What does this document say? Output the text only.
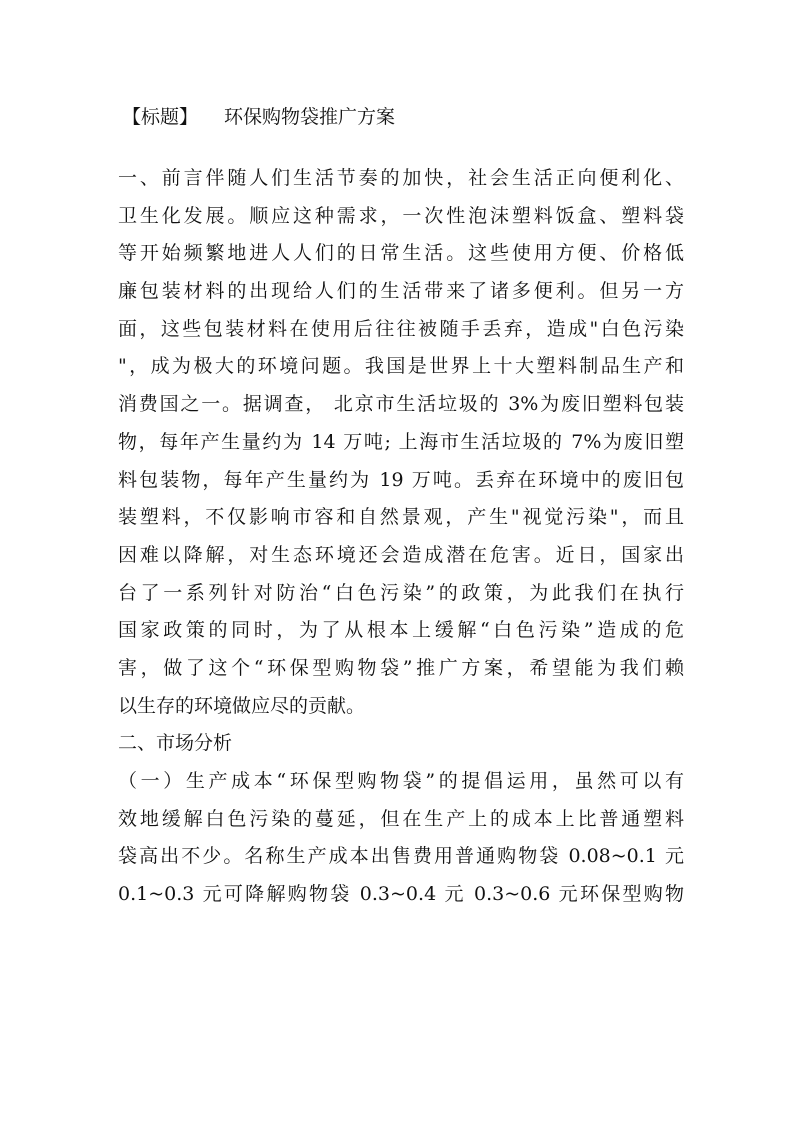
【标题】 环保购物袋推广方案
一、前言伴随人们生活节奏的加快，社会生活正向便利化、
卫生化发展。顺应这种需求，一次性泡沫塑料饭盒、塑料袋
等开始频繁地进人人们的日常生活。这些使用方便、价格低
廉包装材料的出现给人们的生活带来了诸多便利。但另一方
面，这些包装材料在使用后往往被随手丢弃，造成"白色污染
"，成为极大的环境问题。我国是世界上十大塑料制品生产和
消费国之一。据调查， 北京市生活垃圾的 3%为废旧塑料包装
物，每年产生量约为 14 万吨; 上海市生活垃圾的 7%为废旧塑
料包装物，每年产生量约为 19 万吨。丢弃在环境中的废旧包
装塑料，不仅影响市容和自然景观，产生"视觉污染"，而且
因难以降解，对生态环境还会造成潜在危害。近日，国家出
台了一系列针对防治“白色污染”的政策，为此我们在执行
国家政策的同时，为了从根本上缓解“白色污染”造成的危
害，做了这个“环保型购物袋”推广方案，希望能为我们赖
以生存的环境做应尽的贡献。
二、市场分析
（一）生产成本“环保型购物袋”的提倡运用，虽然可以有
效地缓解白色污染的蔓延，但在生产上的成本上比普通塑料
袋高出不少。名称生产成本出售费用普通购物袋 0.08~0.1 元
0.1~0.3 元可降解购物袋 0.3~0.4 元 0.3~0.6 元环保型购物
